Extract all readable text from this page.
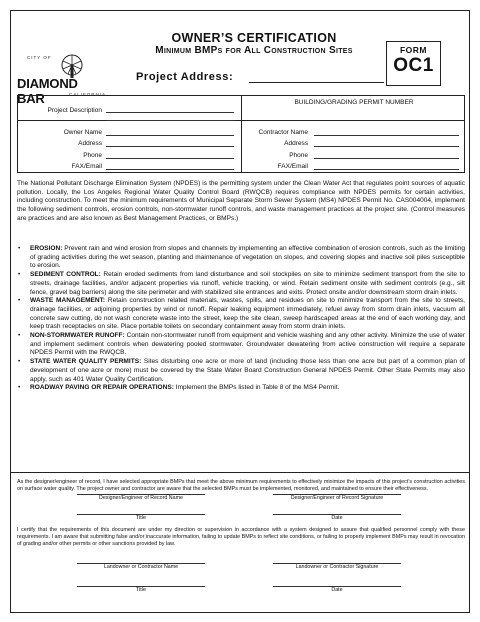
CITY OF
DIAMOND BAR	CALIFORNIA
OWNER’S CERTIFICATION
Minimum BMPs for All Construction Sites
Project Address:
FORM
OC1
Project Description
BUILDING/GRADING PERMIT NUMBER
Owner Name
Address
Phone
FAX/Email
Contractor Name
Address
Phone
FAX/Email

The National Pollutant Discharge Elimination System (NPDES) is the permitting system under the Clean Water Act that regulates point sources of aquatic pollution. Locally, the Los Angeles Regional Water Quality Control Board (RWQCB) requires compliance with NPDES permits for certain activities, including construction. To meet the minimum requirements of Municipal Separate Storm Sewer System (MS4) NPDES Permit No. CAS004004, implement the following sediment controls, erosion controls, non-stormwater runoff controls, and waste management practices at the project site. (Control measures are practices and are also known as Best Management Practices, or BMPs.)

• EROSION: Prevent rain and wind erosion from slopes and channels by implementing an effective combination of erosion controls, such as the limiting of grading activities during the wet season, planting and maintenance of vegetation on slopes, and covering slopes and inactive soil piles susceptible to erosion.
• SEDIMENT CONTROL: Retain eroded sediments from land disturbance and soil stockpiles on site to minimize sediment transport from the site to streets, drainage facilities, and/or adjacent properties via runoff, vehicle tracking, or wind. Retain sediment onsite with sediment controls (e.g., silt fence, gravel bag barriers) along the site perimeter and with stabilized site entrances and exits. Protect onsite and/or downstream storm drain inlets.
• WASTE MANAGEMENT: Retain construction related materials, wastes, spills, and residues on site to minimize transport from the site to streets, drainage facilities, or adjoining properties by wind or runoff. Repair leaking equipment immediately, refuel away from storm drain inlets, vacuum all concrete saw cutting, do not wash concrete waste into the street, keep the site clean, sweep hardscaped areas at the end of each working day, and keep trash receptacles on site. Place portable toilets on secondary containment away from storm drain inlets.
• NON-STORMWATER RUNOFF: Contain non-stormwater runoff from equipment and vehicle washing and any other activity. Minimize the use of water and implement sediment controls when dewatering pooled stormwater. Groundwater dewatering from active construction will require a separate NPDES Permit with the RWQCB.
• STATE WATER QUALITY PERMITS: Sites disturbing one acre or more of land (including those less than one acre but part of a common plan of development of one acre or more) must be covered by the State Water Board Construction General NPDES Permit. Other State Permits may also apply, such as 401 Water Quality Certification.
• ROADWAY PAVING OR REPAIR OPERATIONS: Implement the BMPs listed in Table 8 of the MS4 Permit.

As the designer/engineer of record, I have selected appropriate BMPs that meet the above minimum requirements to effectively minimize the impacts of this project’s construction activities on surface water quality. The project owner and contractor are aware that the selected BMPs must be implemented, monitored, and maintained to ensure their effectiveness.

Designer/Engineer of Record Name	Designer/Engineer of Record Signature
Title	Date

I certify that the requirements of this document are under my direction or supervision in accordance with a system designed to assure that qualified personnel comply with these requirements. I am aware that submitting false and/or inaccurate information, failing to update BMPs to reflect site conditions, or failing to properly implement BMPs may result in revocation of grading and/or other permits or other sanctions provided by law.

Landowner or Contractor Name	Landowner or Contractor Signature
Title	Date
